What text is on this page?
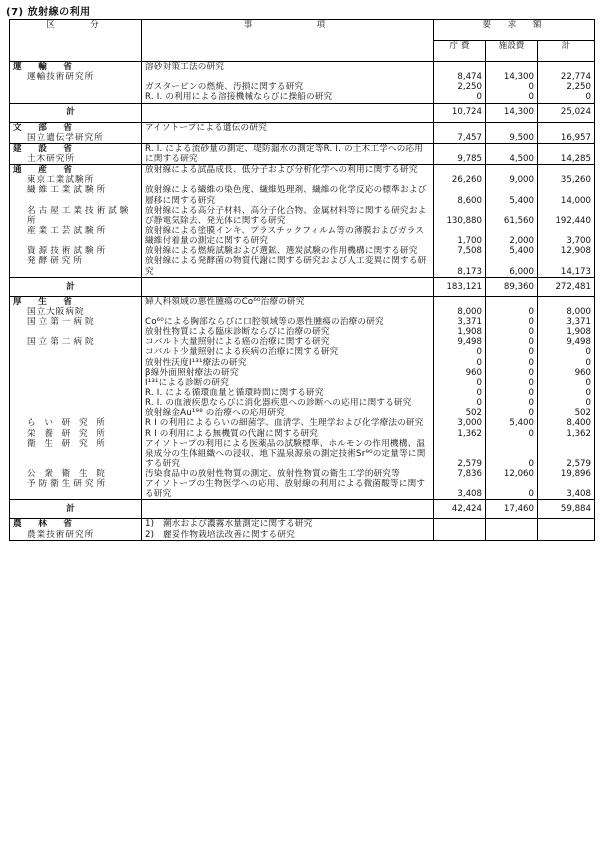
(7) 放射線の利用
区　　分	事　　　　項	要　求　額		
		庁 費	施設費	計

運　輸　省
運輸技術研究所	溶砂対策工法の研究	8,474	14,300	22,774
	ガスタービンの燃焼、汚損に関する研究	2,250	0	2,250
	R. I. の利用による溶接機械ならびに操船の研究	0	0	0
計		10,724	14,300	25,024

文　部　省
国立遺伝学研究所	アイソトープによる遺伝の研究	7,457	9,500	16,957

建　設　省
土木研究所	R. I. による流砂量の測定、堤防漏水の測定等R. I. の土木工学への応用に関する研究	9,785	4,500	14,285

通　産　省
東京工業試験所	放射線による試晶成長、低分子および分析化学への利用に関する研究	26,260	9,000	35,260

繊維工業試験所	放射線による繊維の染色度、繊維処理剤、繊維の化学反応の標準および層移に関する研究	8,600	5,400	14,000

名古屋工業技術試験所	放射線による高分子材料、高分子化合物、金属材料等に関する研究および静電気除去、発光体に関する研究	130,880	61,560	192,440

産業工芸試験所	放射線による塗膜インキ、プラスチックフィルム等の薄膜およびガラス繊維付着量の測定に関する研究	1,700	2,000	3,700

資源技術試験所	放射線による燃焼試験および選鉱、選炭試験の作用機構に関する研究	7,508	5,400	12,908

発酵研究所	放射線による発酵菌の物質代謝に関する研究および人工変異に関する研究	8,173	6,000	14,173
計		183,121	89,360	272,481

厚　生　省
国立大阪病院	婦人科領域の悪性腫瘍のCo⁶⁰治療の研究	8,000	0	8,000

国立第一病院	Co⁶⁰による胸部ならびに口腔領域等の悪性腫瘍の治療の研究	3,371	0	3,371
	放射性物質による臨床診断ならびに治療の研究	1,908	0	1,908

国立第二病院	コバルト大量照射による癌の治療に関する研究	9,498	0	9,498
	コバルト少量照射による疾病の治療に関する研究	0	0	0
	放射性沃度I¹³¹療法の研究	0	0	0
	β線外面照射療法の研究	960	0	960
	I¹³¹による診断の研究	0	0	0
	R. I. による循環血量と循環時間に関する研究	0	0	0
	R. I. の血液疾患ならびに消化器疾患への診断への応用に関する研究	0	0	0
	放射線金Au¹⁹⁸ の治療への応用研究	502	0	502

ら い 研 究 所	R I の利用によるらいの細菌学、血清学、生理学および化学療法の研究	3,000	5,400	8,400

栄 養 研 究 所	R I の利用による無機質の代謝に関する研究	1,362	0	1,362

衛 生 研 究 所	アイソトープの利用による医薬品の試験標準、ホルモンの作用機構、温泉成分の生体組織への浸収、地下温泉源泉の測定技術Sr⁹⁰の定量等に関する研究	2,579	0	2,579

公 衆 衛 生 院	汚染食品中の放射性物質の測定、放射性物質の衛生工学的研究等	7,836	12,060	19,896

予防衛生研究所	アイソトープの生物医学への応用、放射線の利用による微菌酸等に関する研究	3,408	0	3,408
計		42,424	17,460	59,884

農　林　省
農業技術研究所	1)　潮水および濃霧水量測定に関する研究
2)　麗妥作物栽培法改善に関する研究			
